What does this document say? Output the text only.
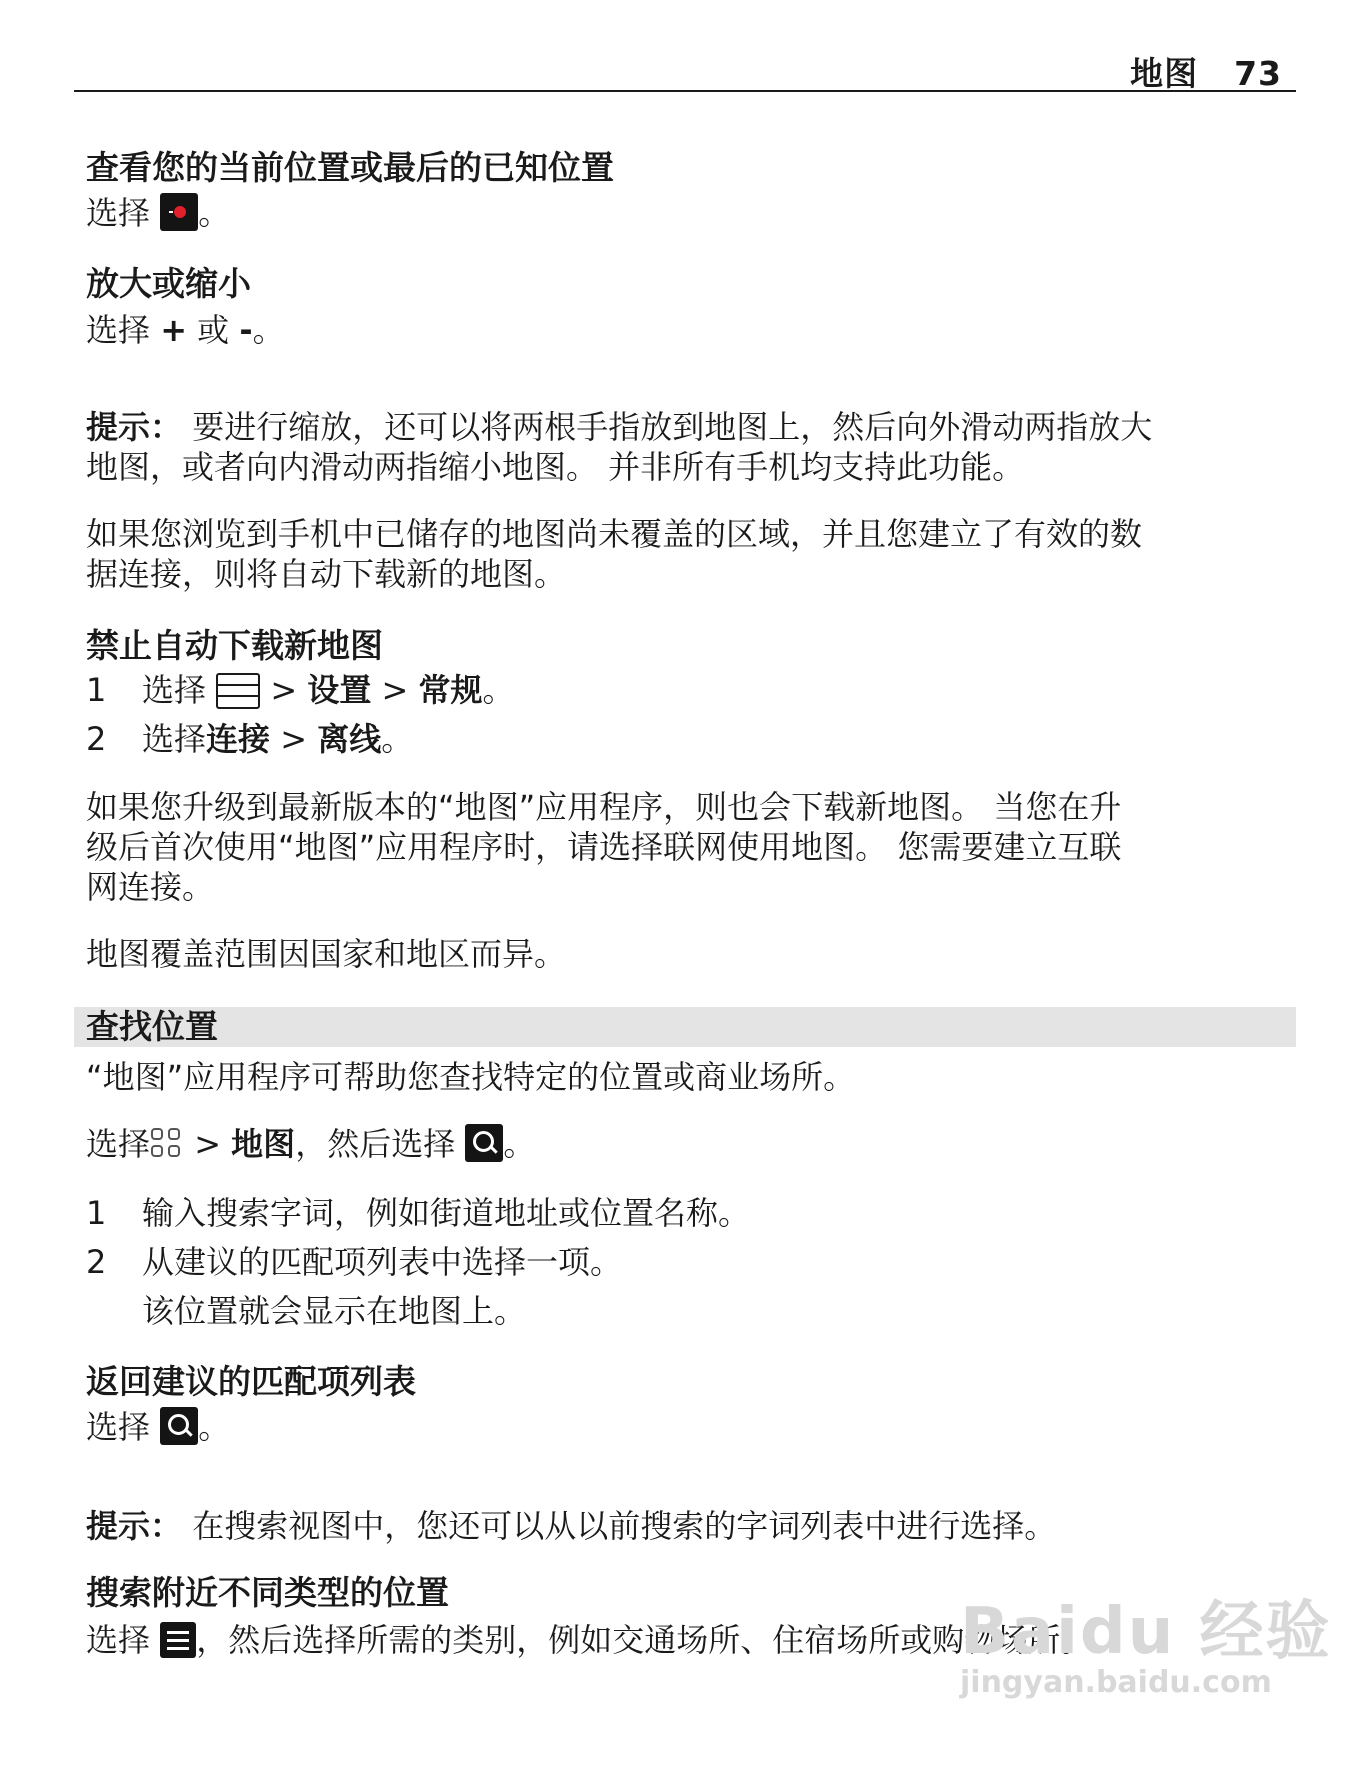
地图 73
查看您的当前位置或最后的已知位置
选择 。
放大或缩小
选择 + 或 -。
提示： 要进行缩放，还可以将两根手指放到地图上，然后向外滑动两指放大
地图，或者向内滑动两指缩小地图。 并非所有手机均支持此功能。
如果您浏览到手机中已储存的地图尚未覆盖的区域，并且您建立了有效的数
据连接，则将自动下载新的地图。
禁止自动下载新地图
1 选择
> 设置 > 常规。
2 选择连接 > 离线。
如果您升级到最新版本的“地图”应用程序，则也会下载新地图。 当您在升
级后首次使用“地图”应用程序时，请选择联网使用地图。 您需要建立互联
网连接。
地图覆盖范围因国家和地区而异。
查找位置
“地图”应用程序可帮助您查找特定的位置或商业场所。
选择
> 地图，然后选择 。
1 输入搜索字词，例如街道地址或位置名称。
2 从建议的匹配项列表中选择一项。
该位置就会显示在地图上。
返回建议的匹配项列表
选择 。
提示： 在搜索视图中，您还可以从以前搜索的字词列表中进行选择。
搜索附近不同类型的位置
选择
，然后选择所需的类别，例如交通场所、住宿场所或购物场所。
Baidu 经验
jingyan.baidu.com
